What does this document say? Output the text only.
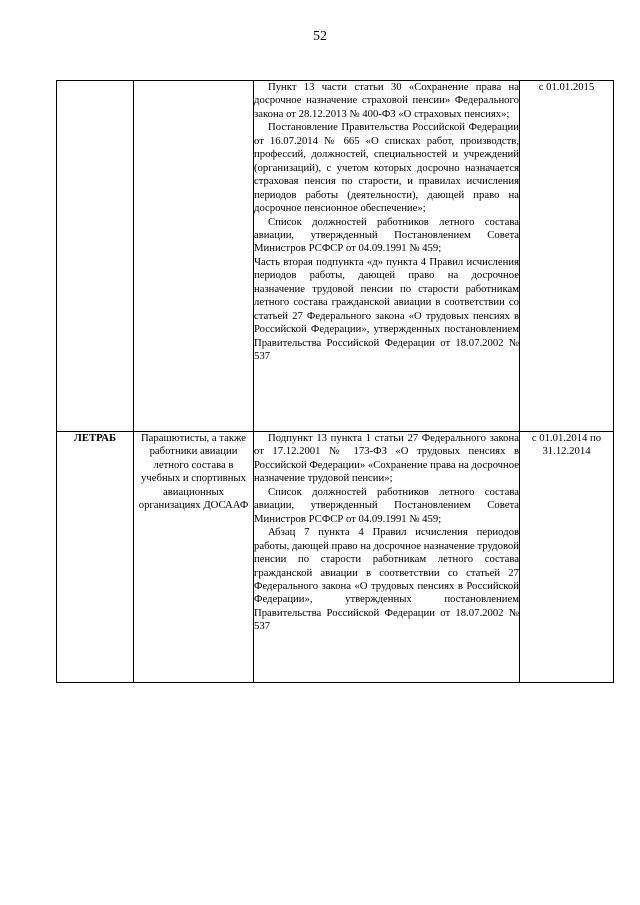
52

		Пункт 13 части статьи 30 «Сохранение права на досрочное назначение страховой пенсии» Федерального закона от 28.12.2013 № 400-ФЗ «О страховых пенсиях»;

Постановление Правительства Российской Федерации от 16.07.2014 № 665 «О списках работ, производств, профессий, должностей, специальностей и учреждений (организаций), с учетом которых досрочно назначается страховая пенсия по старости, и правилах исчисления периодов работы (деятельности), дающей право на досрочное пенсионное обеспечение»;

Список должностей работников летного состава авиации, утвержденный Постановлением Совета Министров РСФСР от 04.09.1991 № 459;

Часть вторая подпункта «д» пункта 4 Правил исчисления периодов работы, дающей право на досрочное назначение трудовой пенсии по старости работникам летного состава гражданской авиации в соответствии со статьей 27 Федерального закона «О трудовых пенсиях в Российской Федерации», утвержденных постановлением Правительства Российской Федерации от 18.07.2002 № 537	с 01.01.2015
ЛЕТРАБ	Парашютисты, а также работники авиации летного состава в учебных и спортивных авиационных организациях ДОСААФ	Подпункт 13 пункта 1 статьи 27 Федерального закона от 17.12.2001 № 173-ФЗ «О трудовых пенсиях в Российской Федерации» «Сохранение права на досрочное назначение трудовой пенсии»;

Список должностей работников летного состава авиации, утвержденный Постановлением Совета Министров РСФСР от 04.09.1991 № 459;

Абзац 7 пункта 4 Правил исчисления периодов работы, дающей право на досрочное назначение трудовой пенсии по старости работникам летного состава гражданской авиации в соответствии со статьей 27 Федерального закона «О трудовых пенсиях в Российской Федерации», утвержденных постановлением Правительства Российской Федерации от 18.07.2002 № 537	с 01.01.2014 по 31.12.2014
